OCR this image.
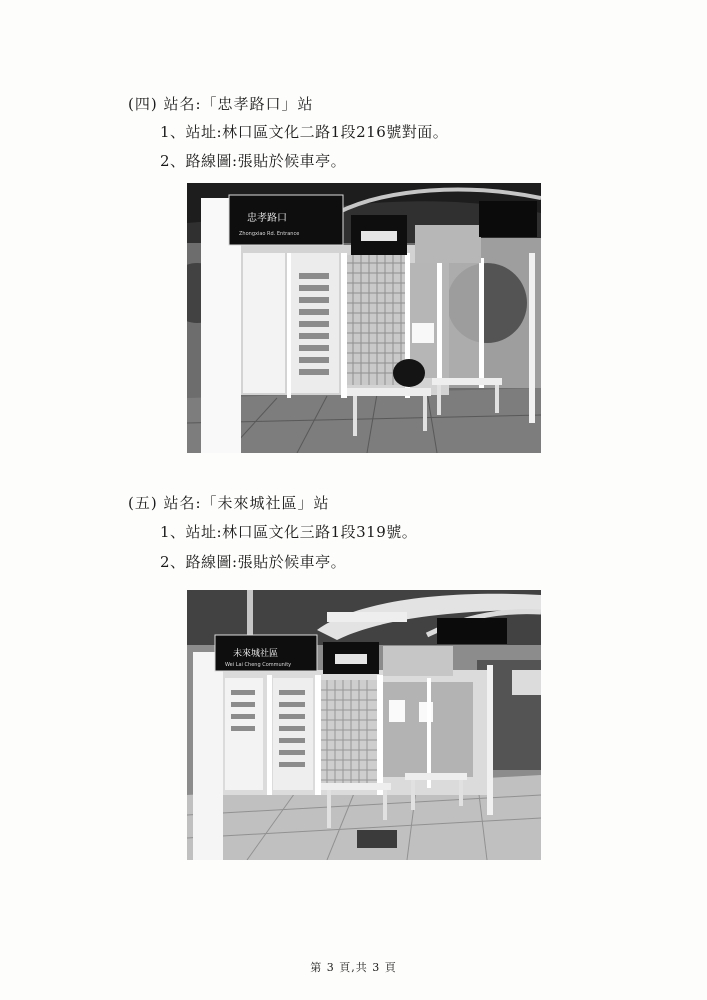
(四) 站名:「忠孝路口」站
1、站址:林口區文化二路1段216號對面。
2、路線圖:張貼於候車亭。
忠孝路口
Zhongxiao Rd. Entrance
(五) 站名:「未來城社區」站
1、站址:林口區文化三路1段319號。
2、路線圖:張貼於候車亭。
未來城社區
Wei Lai Cheng Community
第 3 頁,共 3 頁
